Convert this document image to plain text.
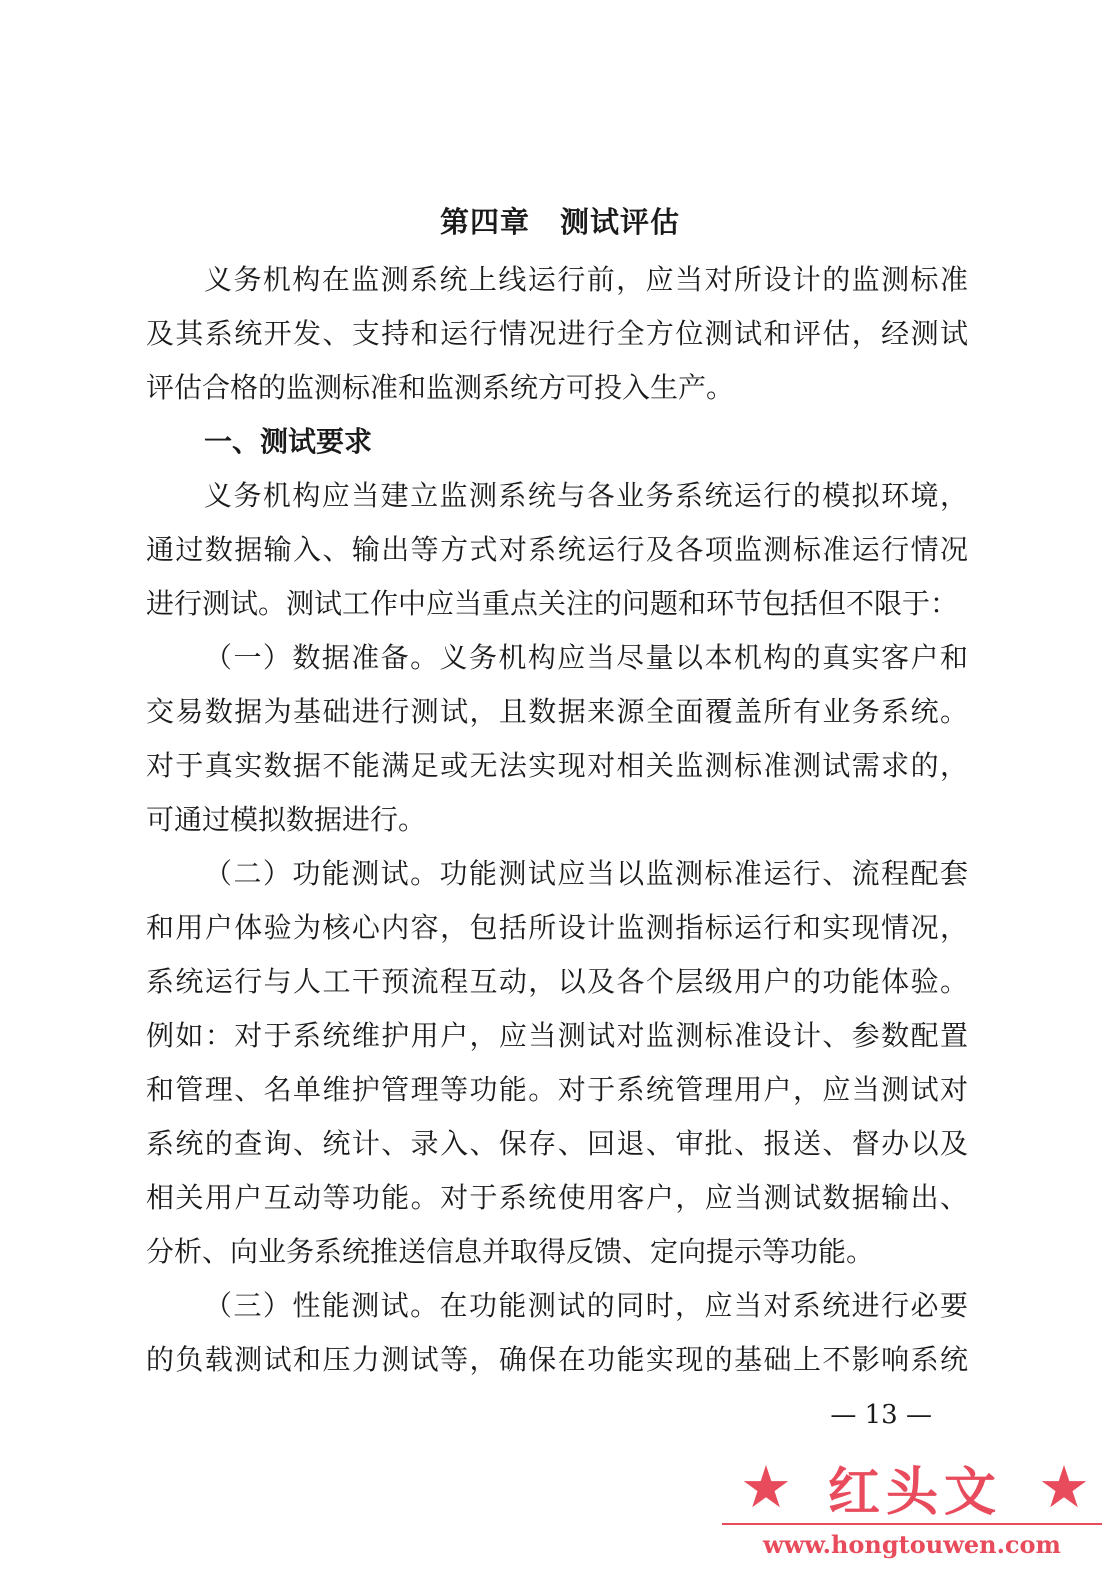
第四章　测试评估
义务机构在监测系统上线运行前，应当对所设计的监测标准
及其系统开发、支持和运行情况进行全方位测试和评估，经测试
评估合格的监测标准和监测系统方可投入生产。
一、测试要求
义务机构应当建立监测系统与各业务系统运行的模拟环境，
通过数据输入、输出等方式对系统运行及各项监测标准运行情况
进行测试。测试工作中应当重点关注的问题和环节包括但不限于：
（一）数据准备。义务机构应当尽量以本机构的真实客户和
交易数据为基础进行测试，且数据来源全面覆盖所有业务系统。
对于真实数据不能满足或无法实现对相关监测标准测试需求的，
可通过模拟数据进行。
（二）功能测试。功能测试应当以监测标准运行、流程配套
和用户体验为核心内容，包括所设计监测指标运行和实现情况，
系统运行与人工干预流程互动，以及各个层级用户的功能体验。
例如：对于系统维护用户，应当测试对监测标准设计、参数配置
和管理、名单维护管理等功能。对于系统管理用户，应当测试对
系统的查询、统计、录入、保存、回退、审批、报送、督办以及
相关用户互动等功能。对于系统使用客户，应当测试数据输出、
分析、向业务系统推送信息并取得反馈、定向提示等功能。
（三）性能测试。在功能测试的同时，应当对系统进行必要
的负载测试和压力测试等，确保在功能实现的基础上不影响系统
— 13 —
★ 红头文 ★
www.hongtouwen.com
